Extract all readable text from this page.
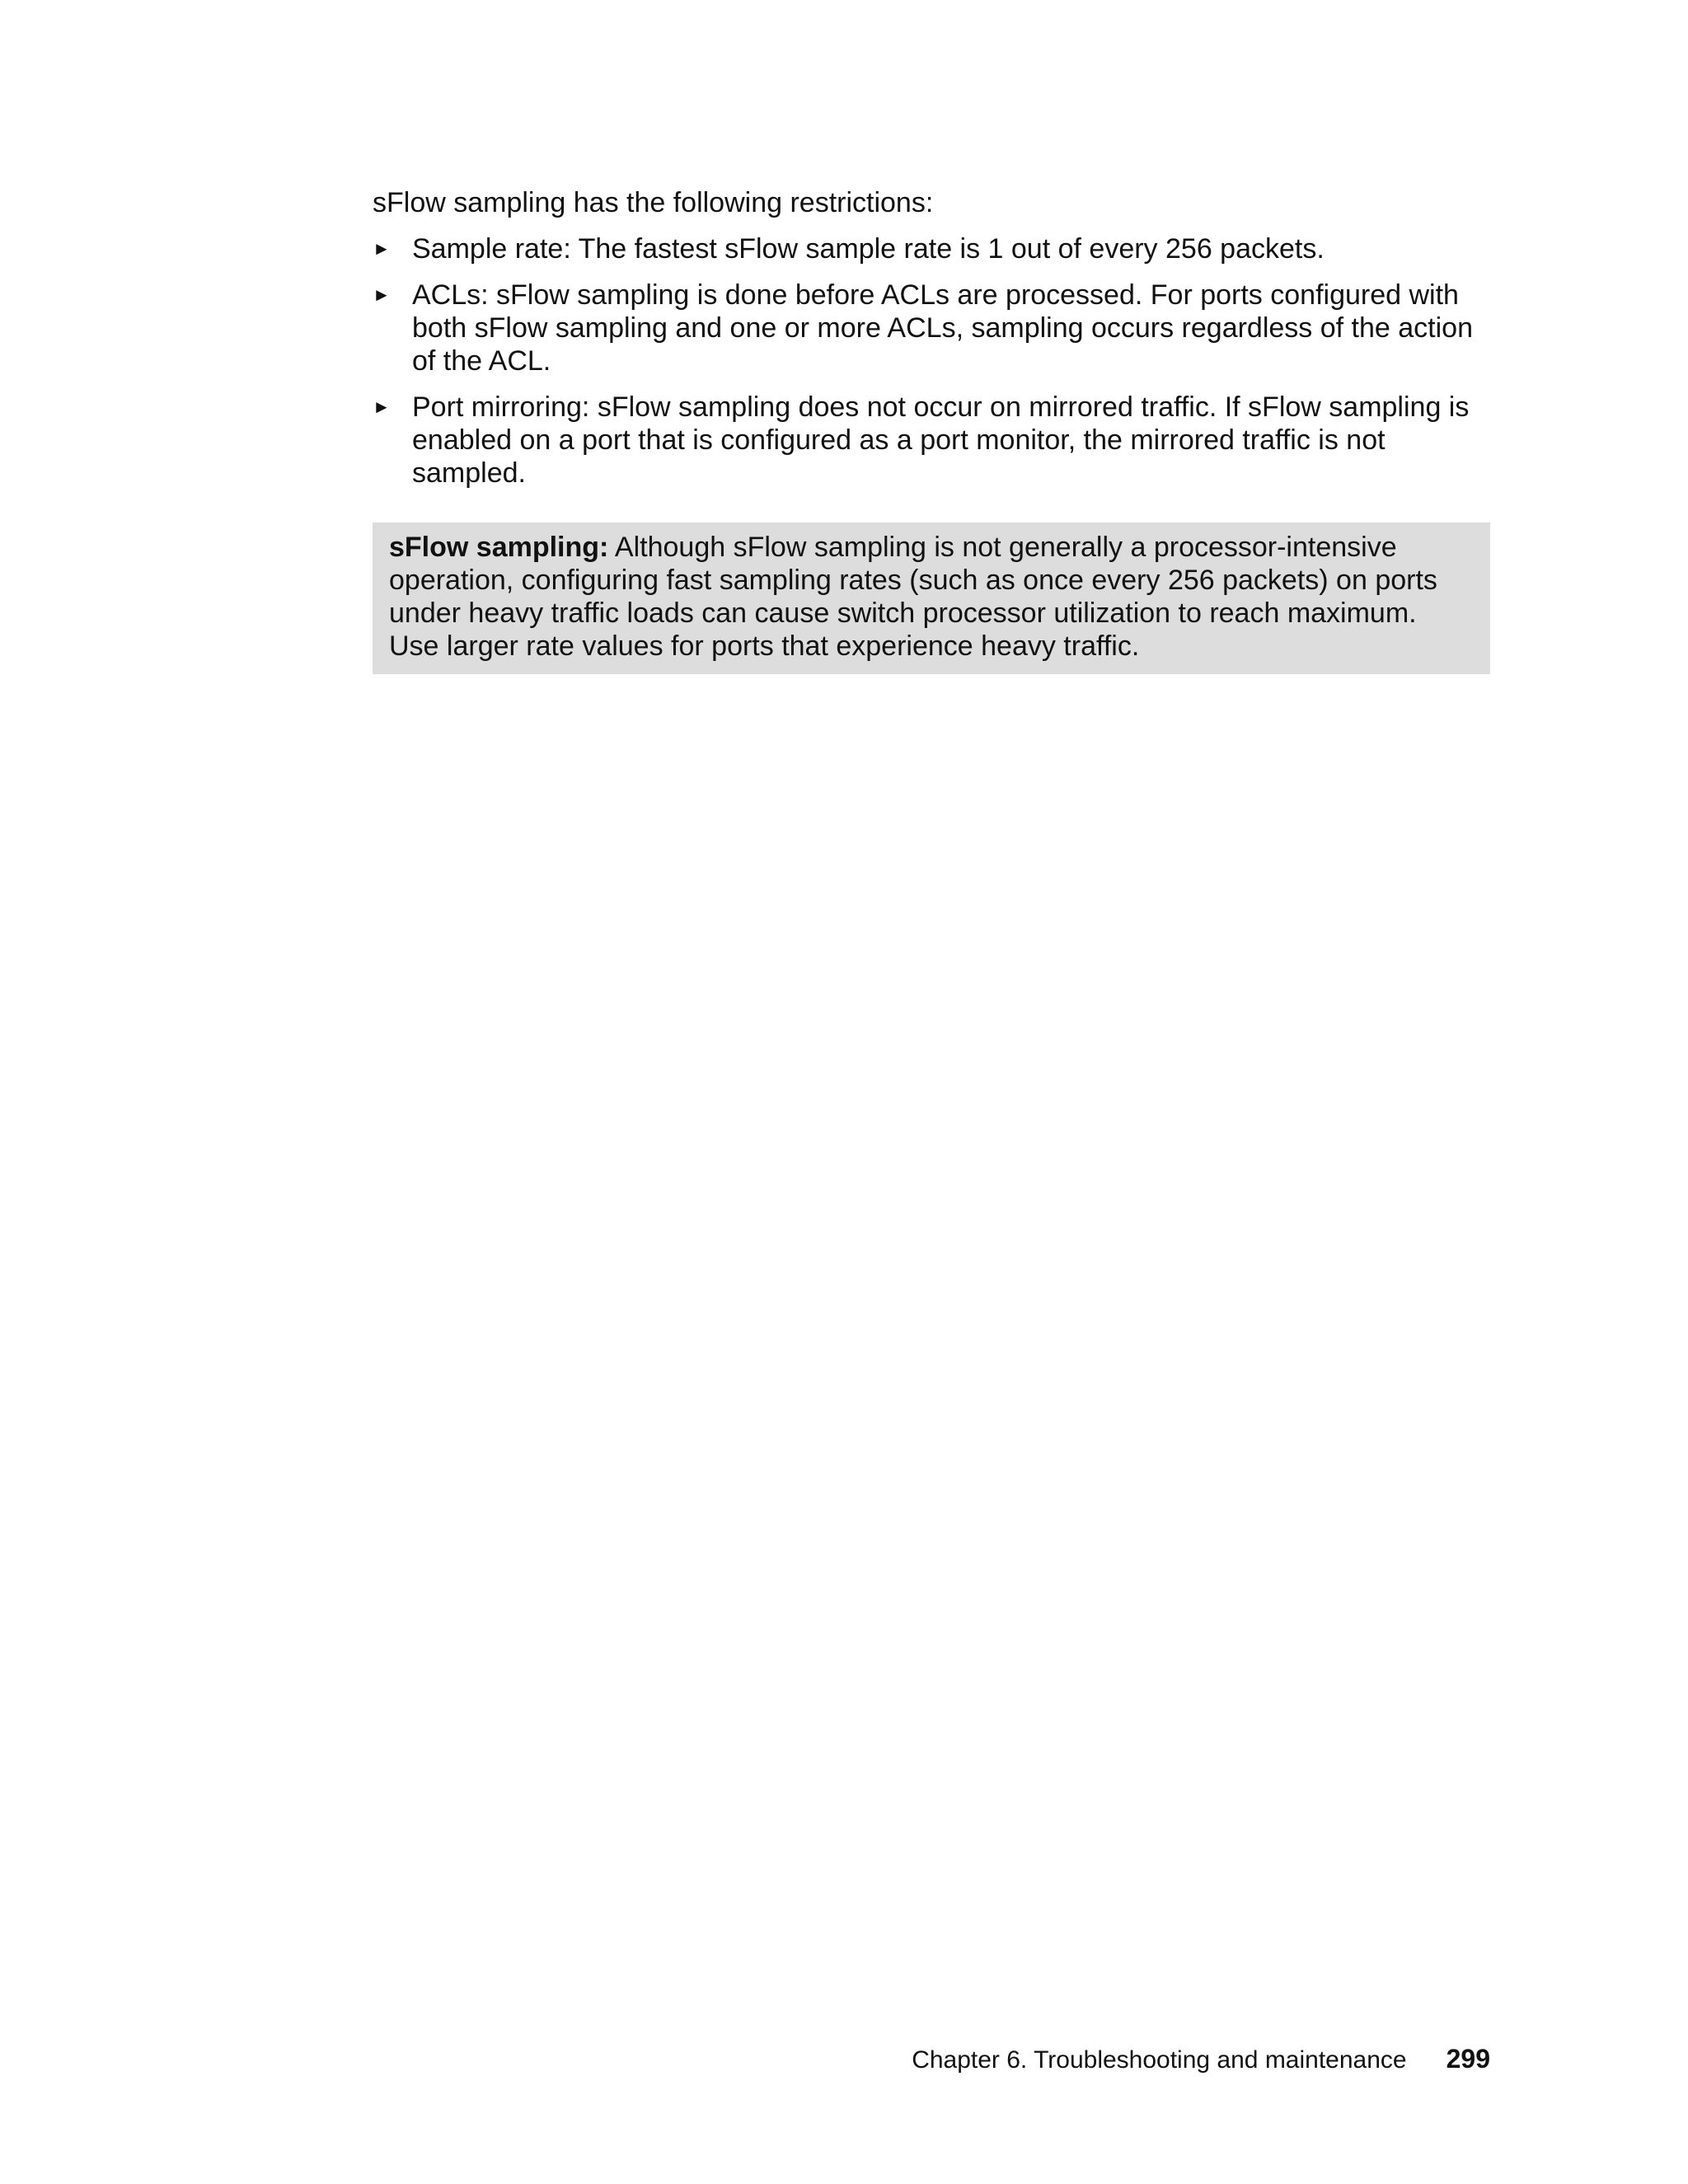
sFlow sampling has the following restrictions:

► Sample rate: The fastest sFlow sample rate is 1 out of every 256 packets.
► ACLs: sFlow sampling is done before ACLs are processed. For ports configured with both sFlow sampling and one or more ACLs, sampling occurs regardless of the action of the ACL.
► Port mirroring: sFlow sampling does not occur on mirrored traffic. If sFlow sampling is enabled on a port that is configured as a port monitor, the mirrored traffic is not sampled.
sFlow sampling: Although sFlow sampling is not generally a processor-intensive operation, configuring fast sampling rates (such as once every 256 packets) on ports under heavy traffic loads can cause switch processor utilization to reach maximum. Use larger rate values for ports that experience heavy traffic.
Chapter 6. Troubleshooting and maintenance 299
